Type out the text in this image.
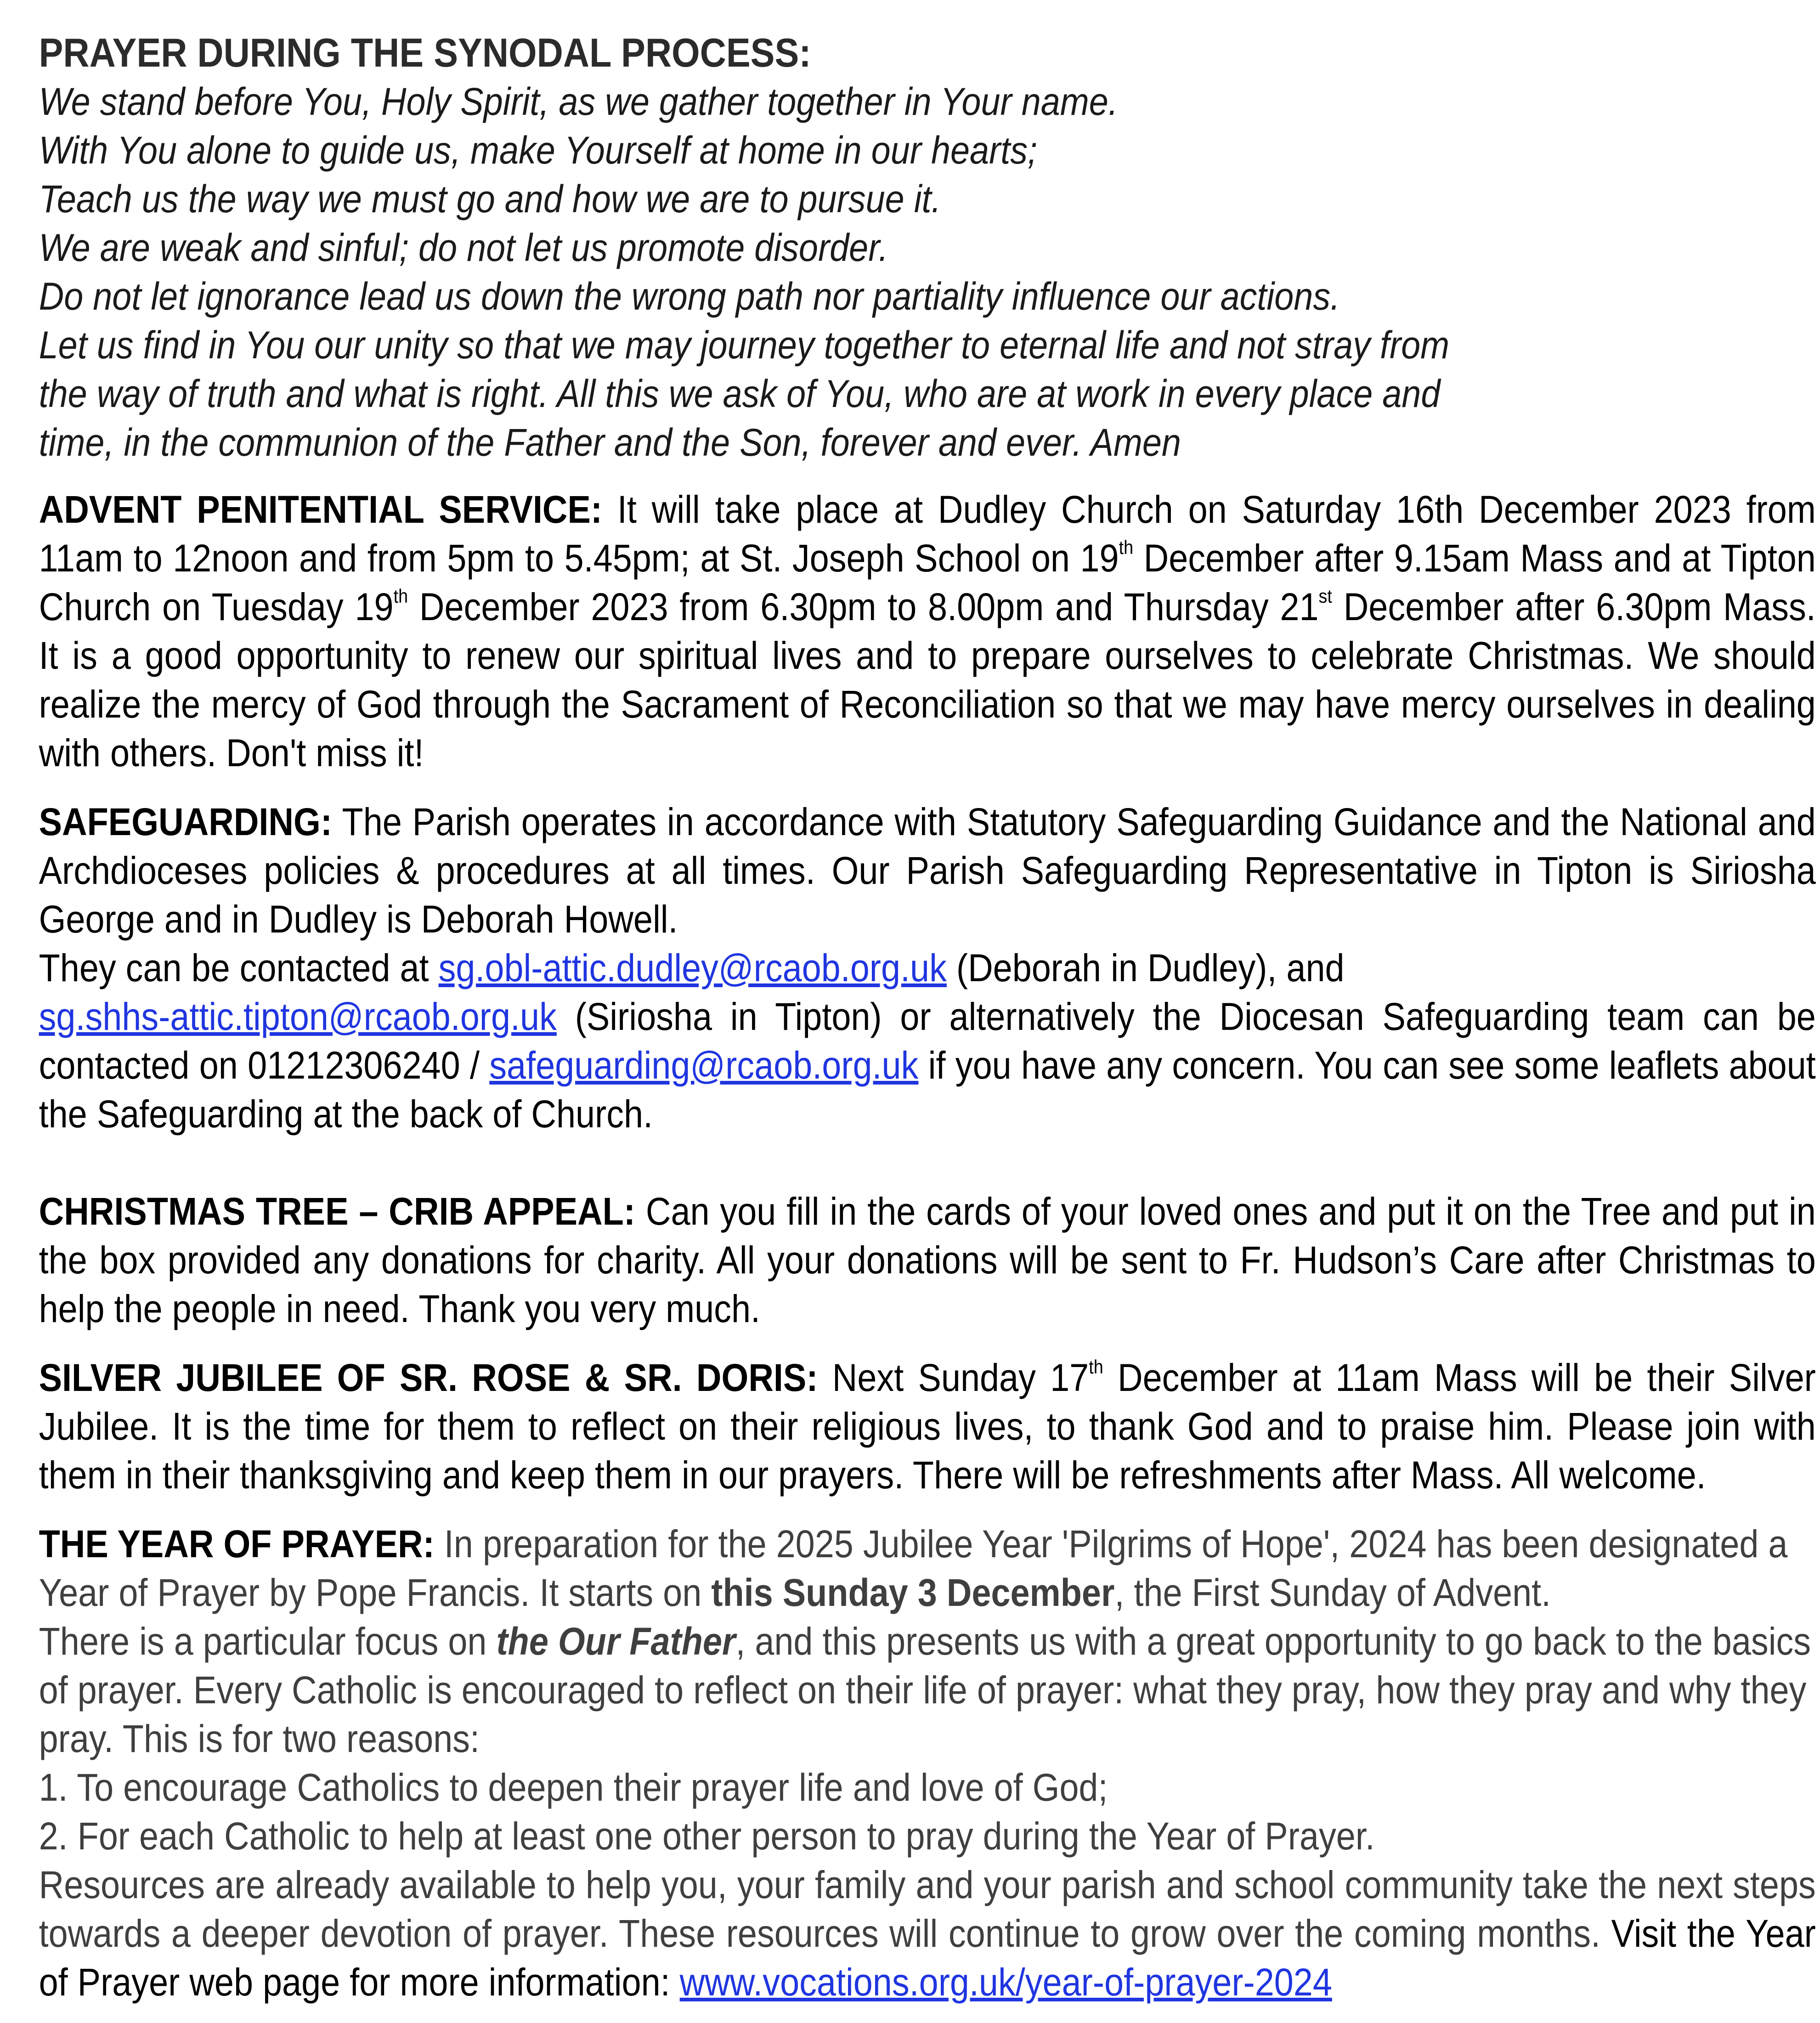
PRAYER DURING THE SYNODAL PROCESS:

We stand before You, Holy Spirit, as we gather together in Your name.

With You alone to guide us, make Yourself at home in our hearts;

Teach us the way we must go and how we are to pursue it.

We are weak and sinful; do not let us promote disorder.

Do not let ignorance lead us down the wrong path nor partiality influence our actions.

Let us find in You our unity so that we may journey together to eternal life and not stray from

the way of truth and what is right. All this we ask of You, who are at work in every place and

time, in the communion of the Father and the Son, forever and ever. Amen

ADVENT PENITENTIAL SERVICE: It will take place at Dudley Church on Saturday 16th December 2023 from 11am to 12noon and from 5pm to 5.45pm; at St. Joseph School on 19th December after 9.15am Mass and at Tipton Church on Tuesday 19th December 2023 from 6.30pm to 8.00pm and Thursday 21st December after 6.30pm Mass. It is a good opportunity to renew our spiritual lives and to prepare ourselves to celebrate Christmas. We should realize the mercy of God through the Sacrament of Reconciliation so that we may have mercy ourselves in dealing with others. Don't miss it!

SAFEGUARDING: The Parish operates in accordance with Statutory Safeguarding Guidance and the National and Archdioceses policies & procedures at all times. Our Parish Safeguarding Representative in Tipton is Siriosha George and in Dudley is Deborah Howell.

They can be contacted at sg.obl-attic.dudley@rcaob.org.uk (Deborah in Dudley), and

sg.shhs-attic.tipton@rcaob.org.uk (Siriosha in Tipton) or alternatively the Diocesan Safeguarding team can be contacted on 01212306240 / safeguarding@rcaob.org.uk if you have any concern. You can see some leaflets about the Safeguarding at the back of Church.

CHRISTMAS TREE – CRIB APPEAL: Can you fill in the cards of your loved ones and put it on the Tree and put in the box provided any donations for charity. All your donations will be sent to Fr. Hudson’s Care after Christmas to help the people in need. Thank you very much.

SILVER JUBILEE OF SR. ROSE & SR. DORIS: Next Sunday 17th December at 11am Mass will be their Silver Jubilee. It is the time for them to reflect on their religious lives, to thank God and to praise him. Please join with them in their thanksgiving and keep them in our prayers. There will be refreshments after Mass. All welcome.

THE YEAR OF PRAYER: In preparation for the 2025 Jubilee Year 'Pilgrims of Hope', 2024 has been designated a Year of Prayer by Pope Francis. It starts on this Sunday 3 December, the First Sunday of Advent.

There is a particular focus on the Our Father, and this presents us with a great opportunity to go back to the basics of prayer. Every Catholic is encouraged to reflect on their life of prayer: what they pray, how they pray and why they pray. This is for two reasons:

1. To encourage Catholics to deepen their prayer life and love of God;

2. For each Catholic to help at least one other person to pray during the Year of Prayer.

Resources are already available to help you, your family and your parish and school community take the next steps towards a deeper devotion of prayer. These resources will continue to grow over the coming months. Visit the Year of Prayer web page for more information: www.vocations.org.uk/year-of-prayer-2024
